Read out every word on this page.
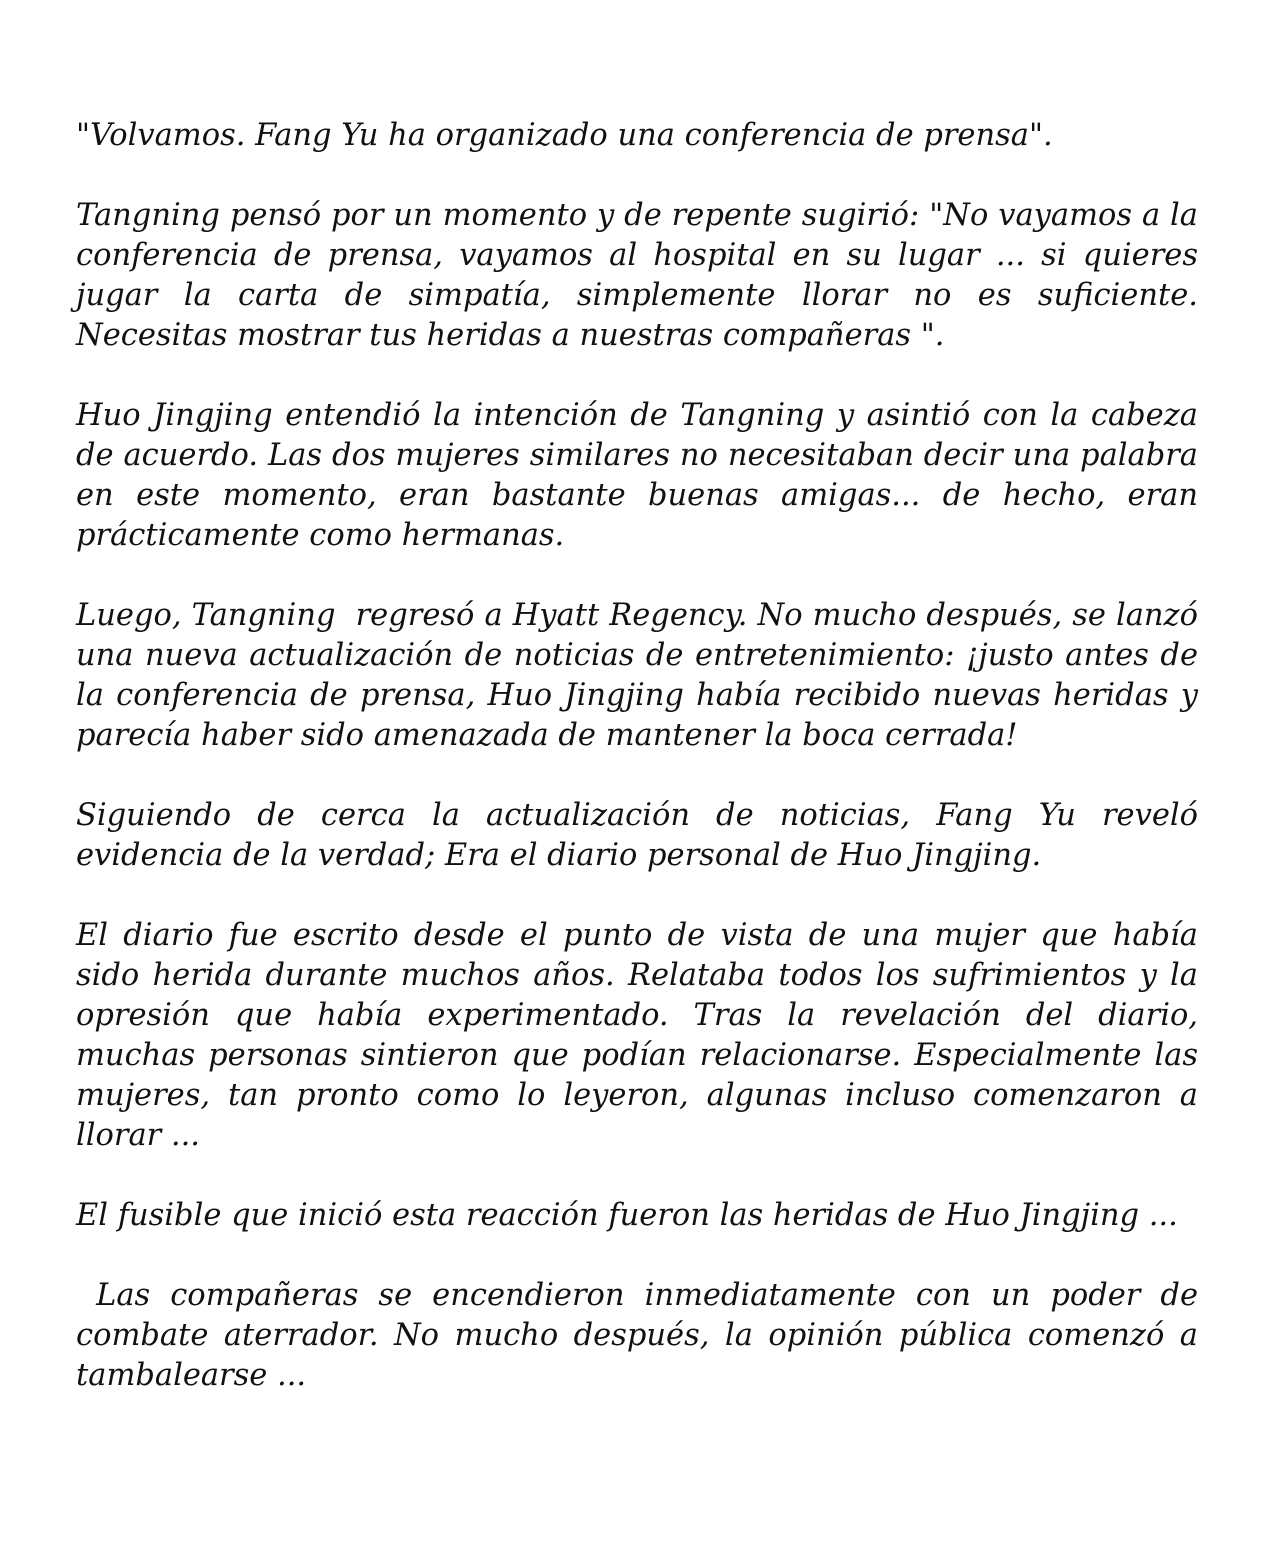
"Volvamos. Fang Yu ha organizado una conferencia de prensa".

Tangning pensó por un momento y de repente sugirió: "No vayamos a la conferencia de prensa, vayamos al hospital en su lugar ... si quieres jugar la carta de simpatía, simplemente llorar no es suficiente. Necesitas mostrar tus heridas a nuestras compañeras ".

Huo Jingjing entendió la intención de Tangning y asintió con la cabeza de acuerdo. Las dos mujeres similares no necesitaban decir una palabra en este momento, eran bastante buenas amigas... de hecho, eran prácticamente como hermanas.

Luego, Tangning  regresó a Hyatt Regency. No mucho después, se lanzó una nueva actualización de noticias de entretenimiento: ¡justo antes de la conferencia de prensa, Huo Jingjing había recibido nuevas heridas y parecía haber sido amenazada de mantener la boca cerrada!

Siguiendo de cerca la actualización de noticias, Fang Yu reveló evidencia de la verdad; Era el diario personal de Huo Jingjing.

El diario fue escrito desde el punto de vista de una mujer que había sido herida durante muchos años. Relataba todos los sufrimientos y la opresión que había experimentado. Tras la revelación del diario, muchas personas sintieron que podían relacionarse. Especialmente las mujeres, tan pronto como lo leyeron, algunas incluso comenzaron a llorar ...

El fusible que inició esta reacción fueron las heridas de Huo Jingjing ...

Las compañeras se encendieron inmediatamente con un poder de combate aterrador. No mucho después, la opinión pública comenzó a tambalearse ...
